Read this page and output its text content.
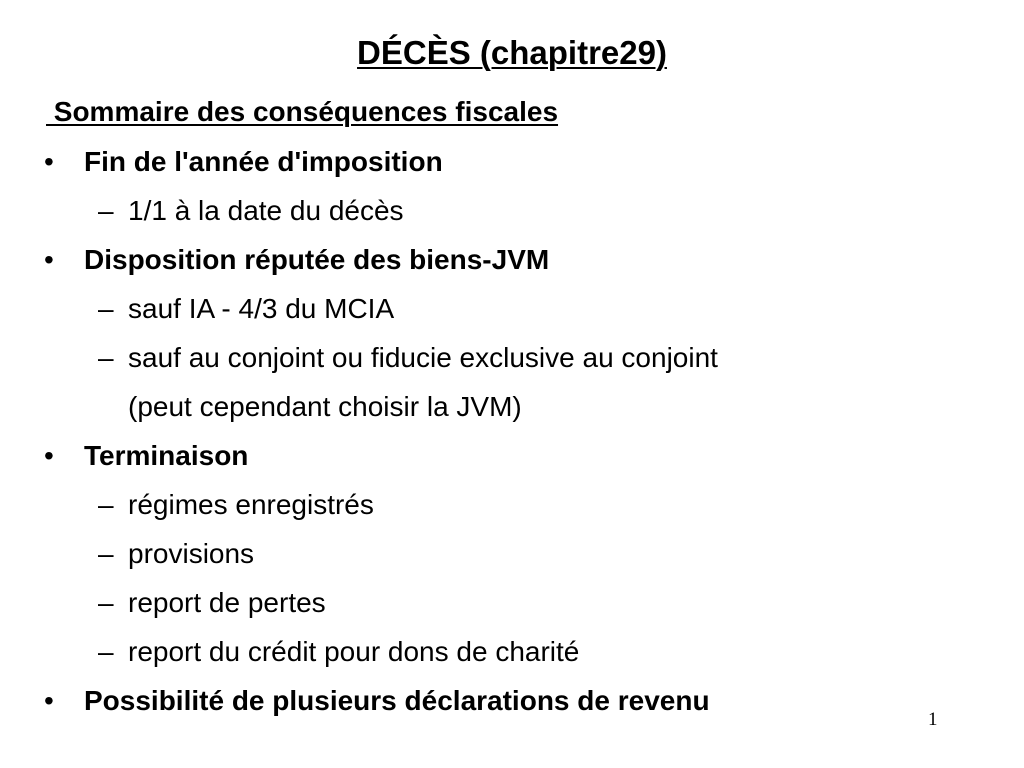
DÉCÈS (chapitre29)
Sommaire des conséquences fiscales
• Fin de l'année d'imposition
– 1/1 à la date du décès
• Disposition réputée des biens-JVM
– sauf IA - 4/3 du MCIA
– sauf au conjoint ou fiducie exclusive au conjoint
(peut cependant choisir la JVM)
• Terminaison
– régimes enregistrés
– provisions
– report de pertes
– report du crédit pour dons de charité
• Possibilité de plusieurs déclarations de revenu
1
